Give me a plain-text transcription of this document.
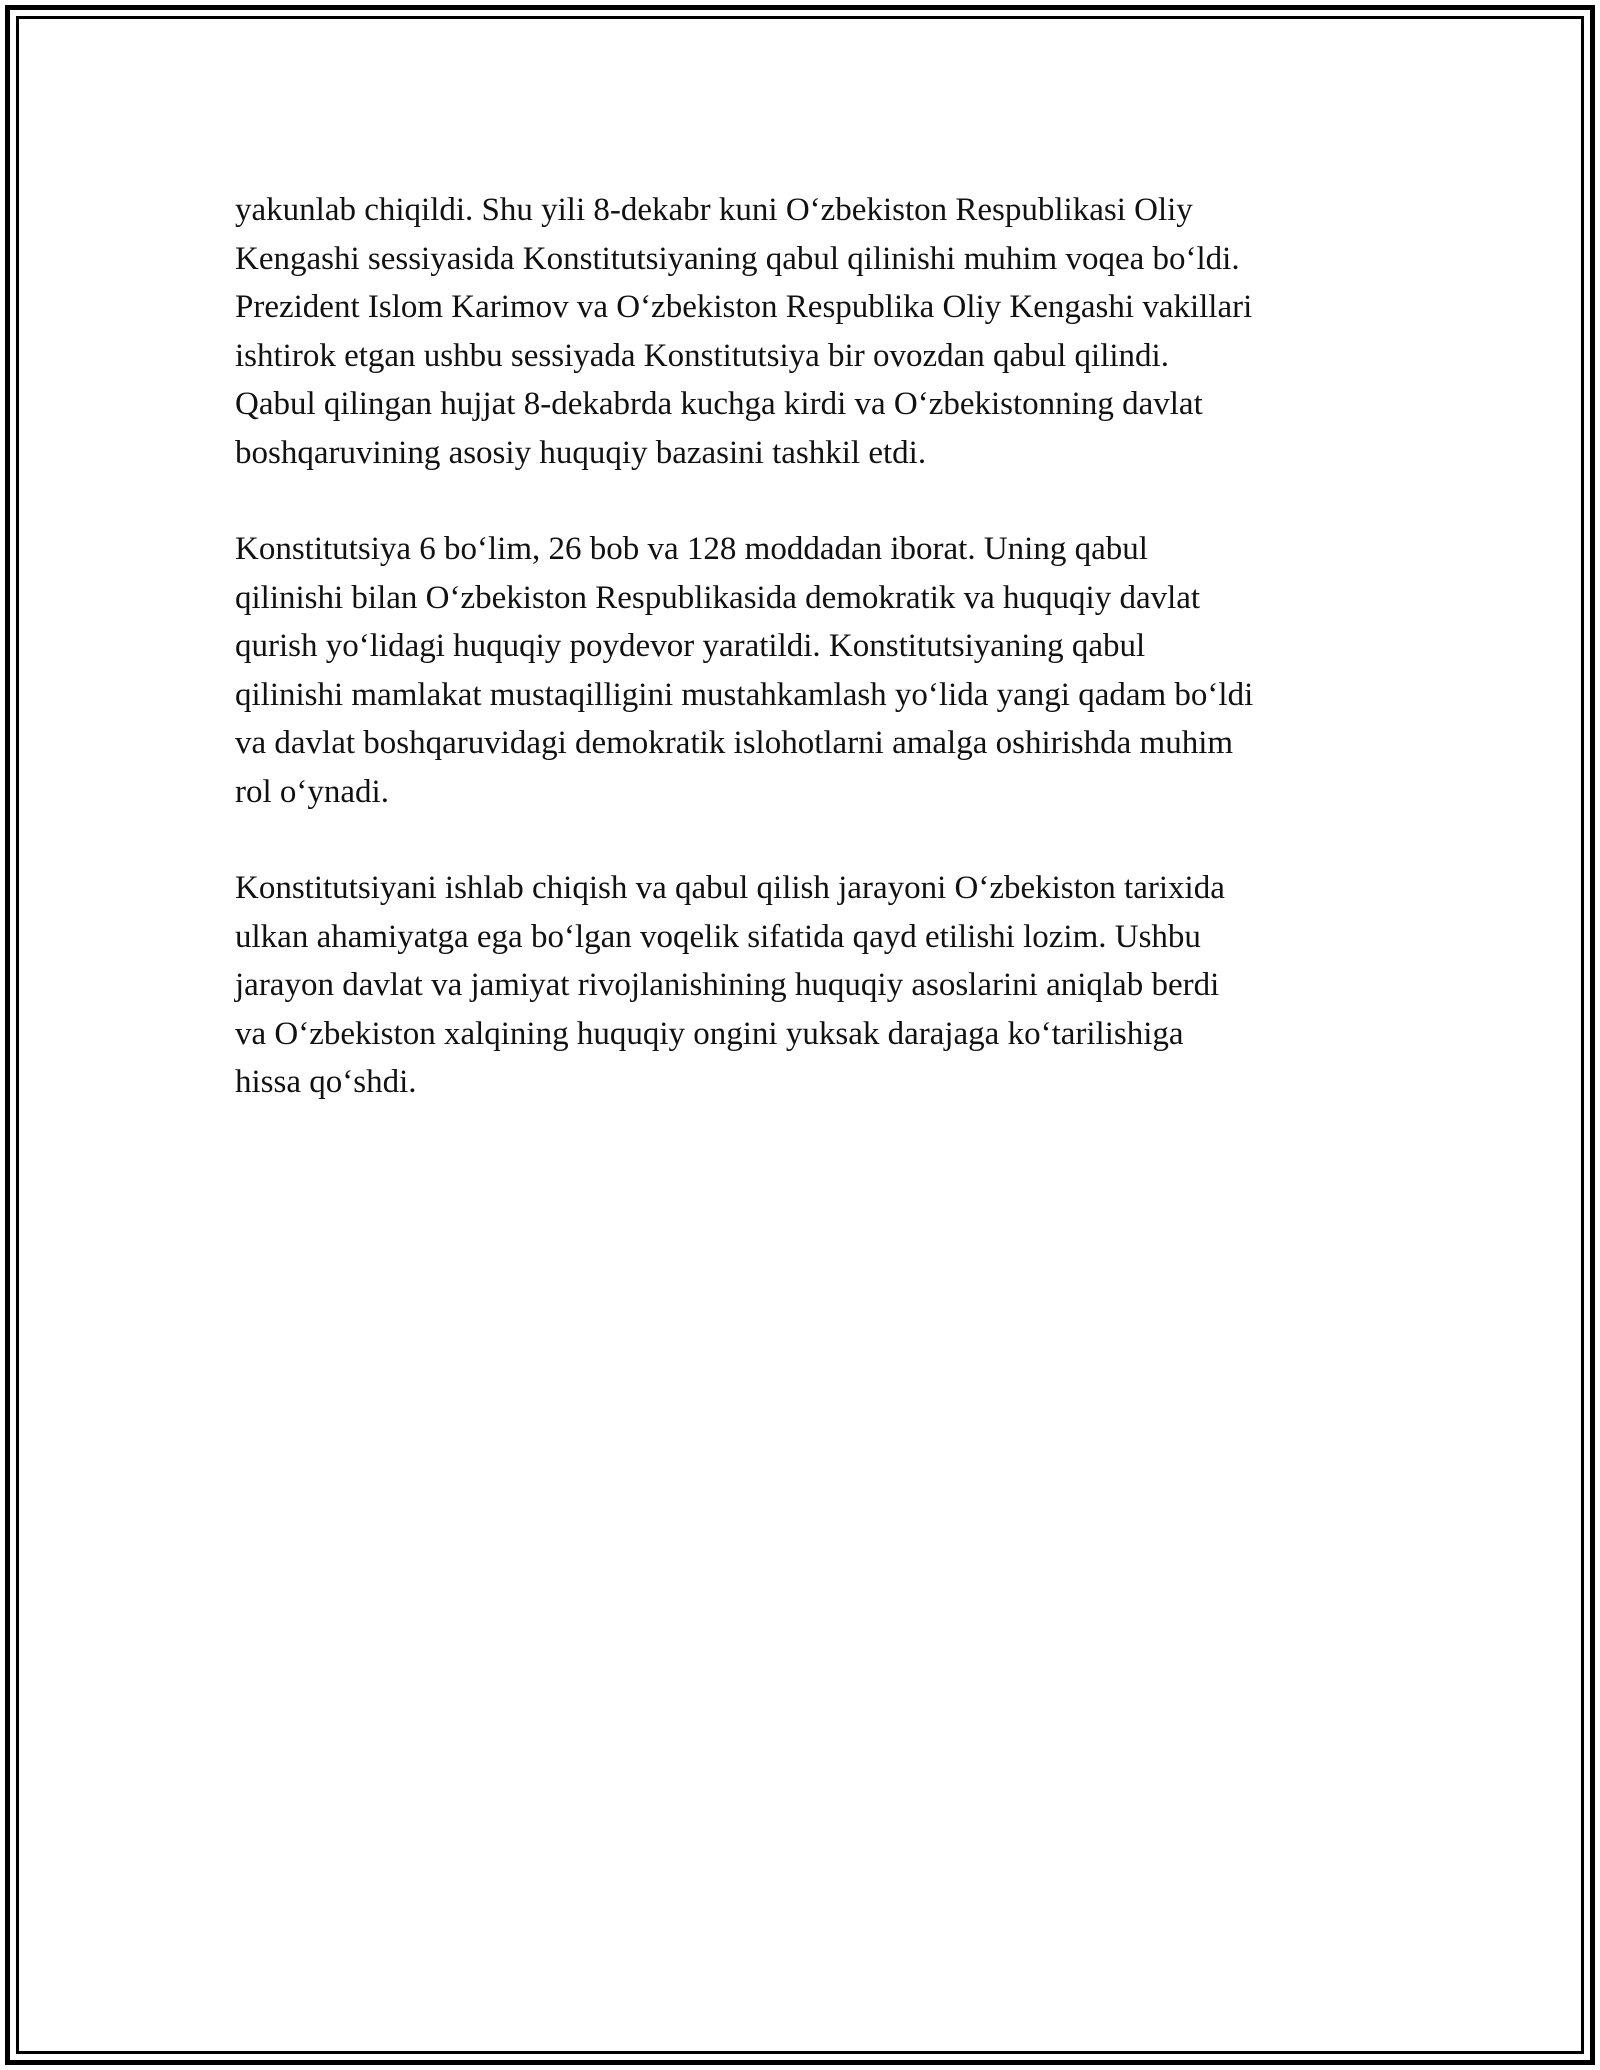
yakunlab chiqildi. Shu yili 8-dekabr kuni O‘zbekiston Respublikasi Oliy
Kengashi sessiyasida Konstitutsiyaning qabul qilinishi muhim voqea bo‘ldi.
Prezident Islom Karimov va O‘zbekiston Respublika Oliy Kengashi vakillari
ishtirok etgan ushbu sessiyada Konstitutsiya bir ovozdan qabul qilindi.
Qabul qilingan hujjat 8-dekabrda kuchga kirdi va O‘zbekistonning davlat
boshqaruvining asosiy huquqiy bazasini tashkil etdi.

Konstitutsiya 6 bo‘lim, 26 bob va 128 moddadan iborat. Uning qabul
qilinishi bilan O‘zbekiston Respublikasida demokratik va huquqiy davlat
qurish yo‘lidagi huquqiy poydevor yaratildi. Konstitutsiyaning qabul
qilinishi mamlakat mustaqilligini mustahkamlash yo‘lida yangi qadam bo‘ldi
va davlat boshqaruvidagi demokratik islohotlarni amalga oshirishda muhim
rol o‘ynadi.

Konstitutsiyani ishlab chiqish va qabul qilish jarayoni O‘zbekiston tarixida
ulkan ahamiyatga ega bo‘lgan voqelik sifatida qayd etilishi lozim. Ushbu
jarayon davlat va jamiyat rivojlanishining huquqiy asoslarini aniqlab berdi
va O‘zbekiston xalqining huquqiy ongini yuksak darajaga ko‘tarilishiga
hissa qo‘shdi.
